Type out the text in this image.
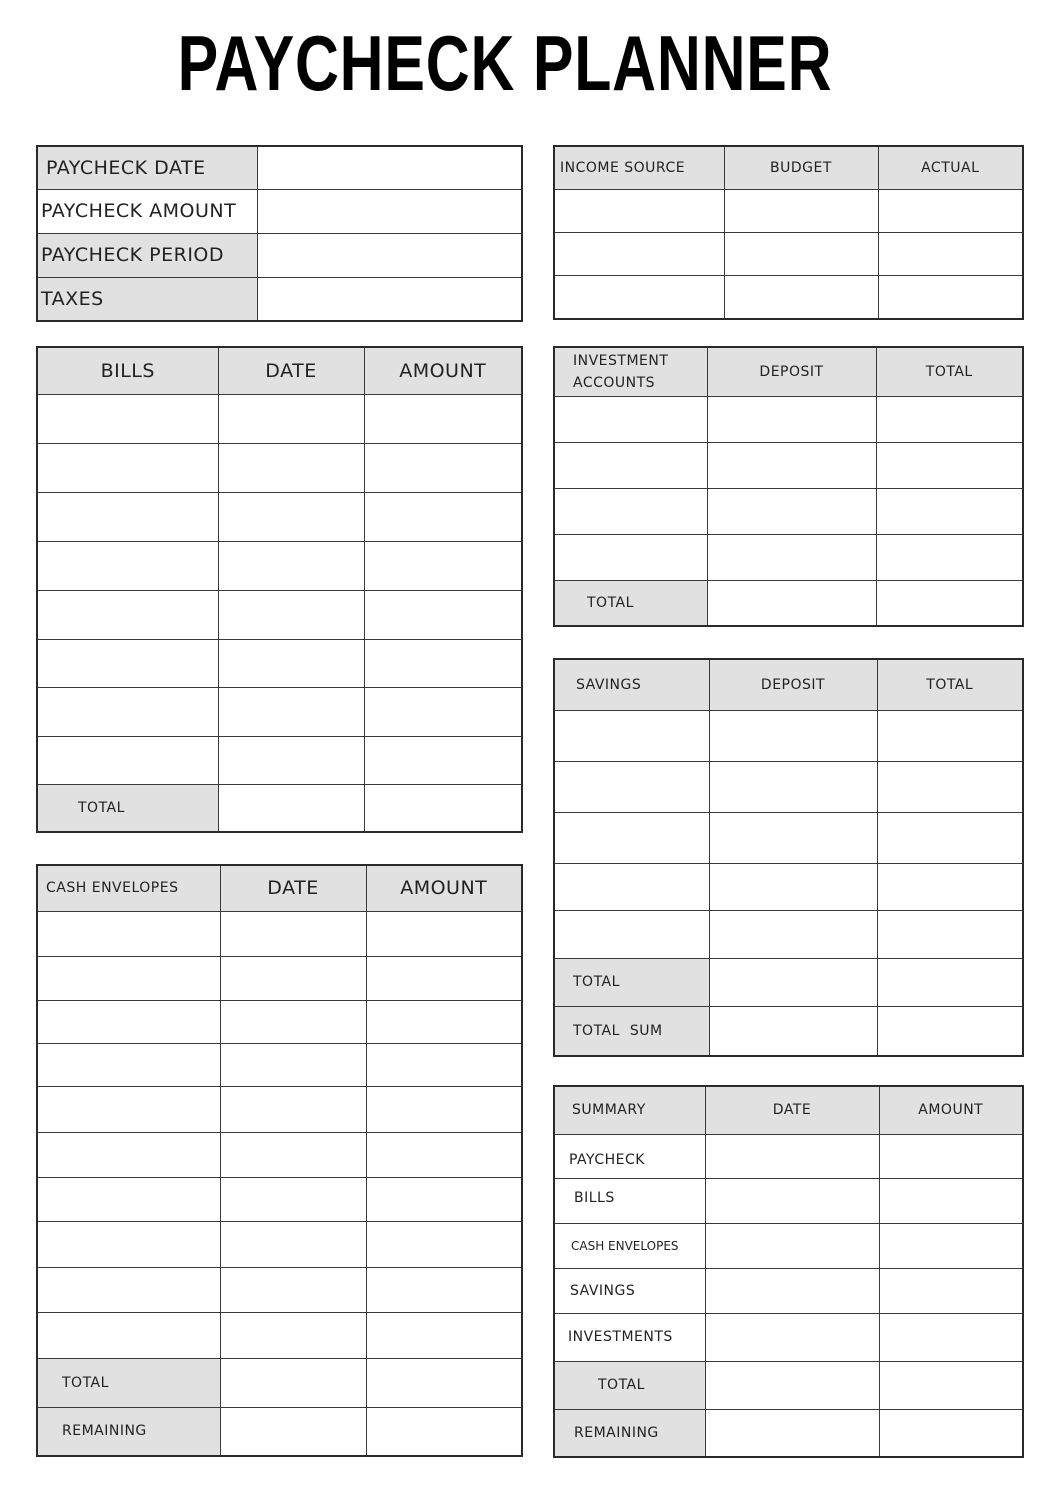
PAYCHECK PLANNER
PAYCHECK DATE	
PAYCHECK AMOUNT	
PAYCHECK PERIOD	
TAXES	
INCOME SOURCE	BUDGET	ACTUAL

BILLS	DATE	AMOUNT

TOTAL		
INVESTMENT
ACCOUNTS	DEPOSIT	TOTAL

TOTAL		
SAVINGS	DEPOSIT	TOTAL

TOTAL		
TOTAL  SUM		
CASH ENVELOPES	DATE	AMOUNT

TOTAL		
REMAINING		
SUMMARY	DATE	AMOUNT
PAYCHECK		
BILLS		
CASH ENVELOPES		
SAVINGS		
INVESTMENTS		
TOTAL		
REMAINING		
